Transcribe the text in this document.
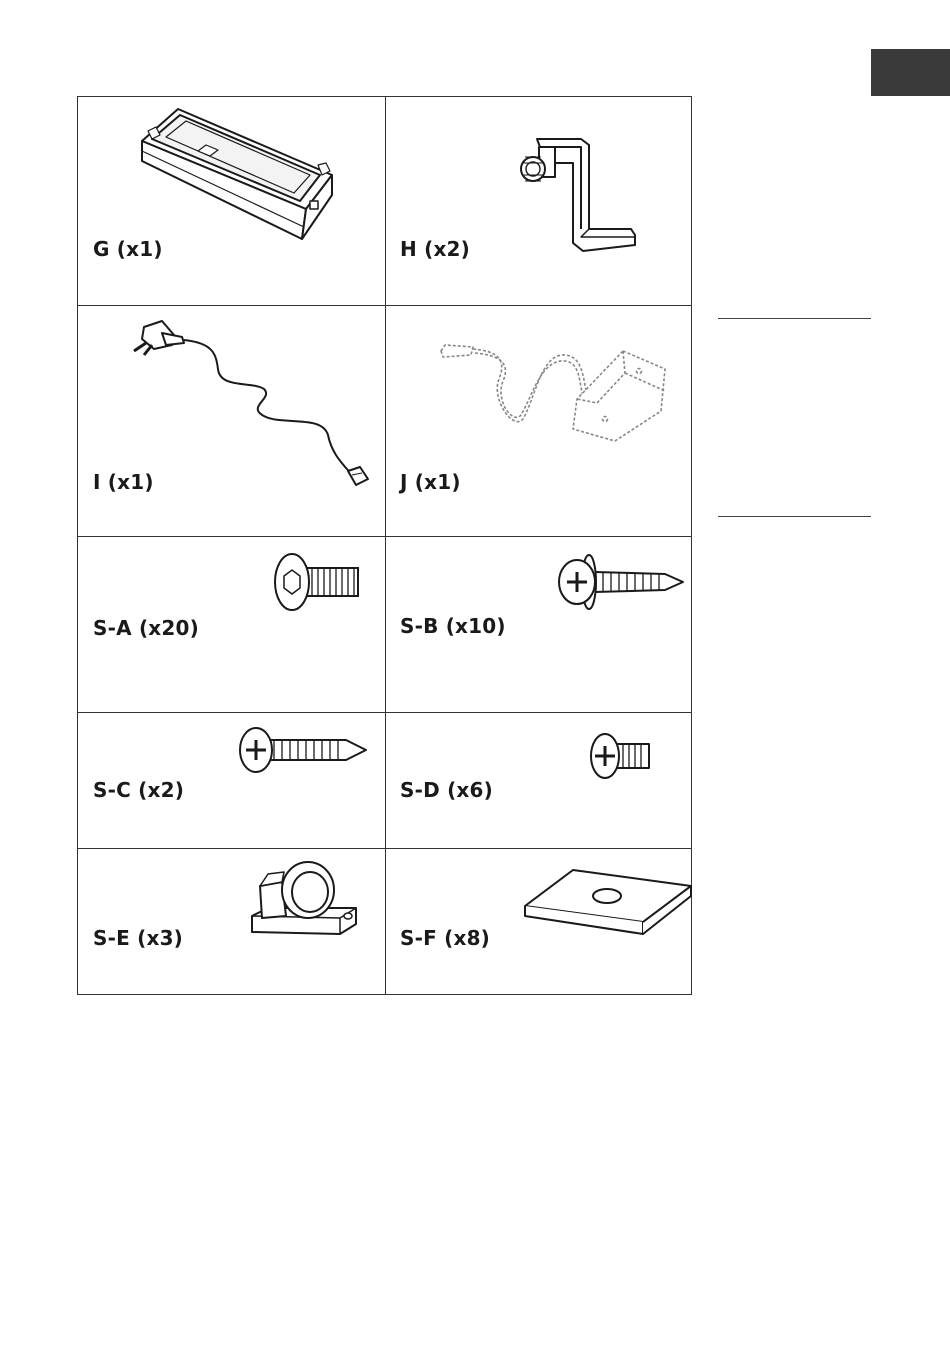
G (x1)	H (x2)
I (x1)	J (x1)
S-A (x20)	S-B (x10)
S-C (x2)	S-D (x6)
S-E (x3)	S-F (x8)
